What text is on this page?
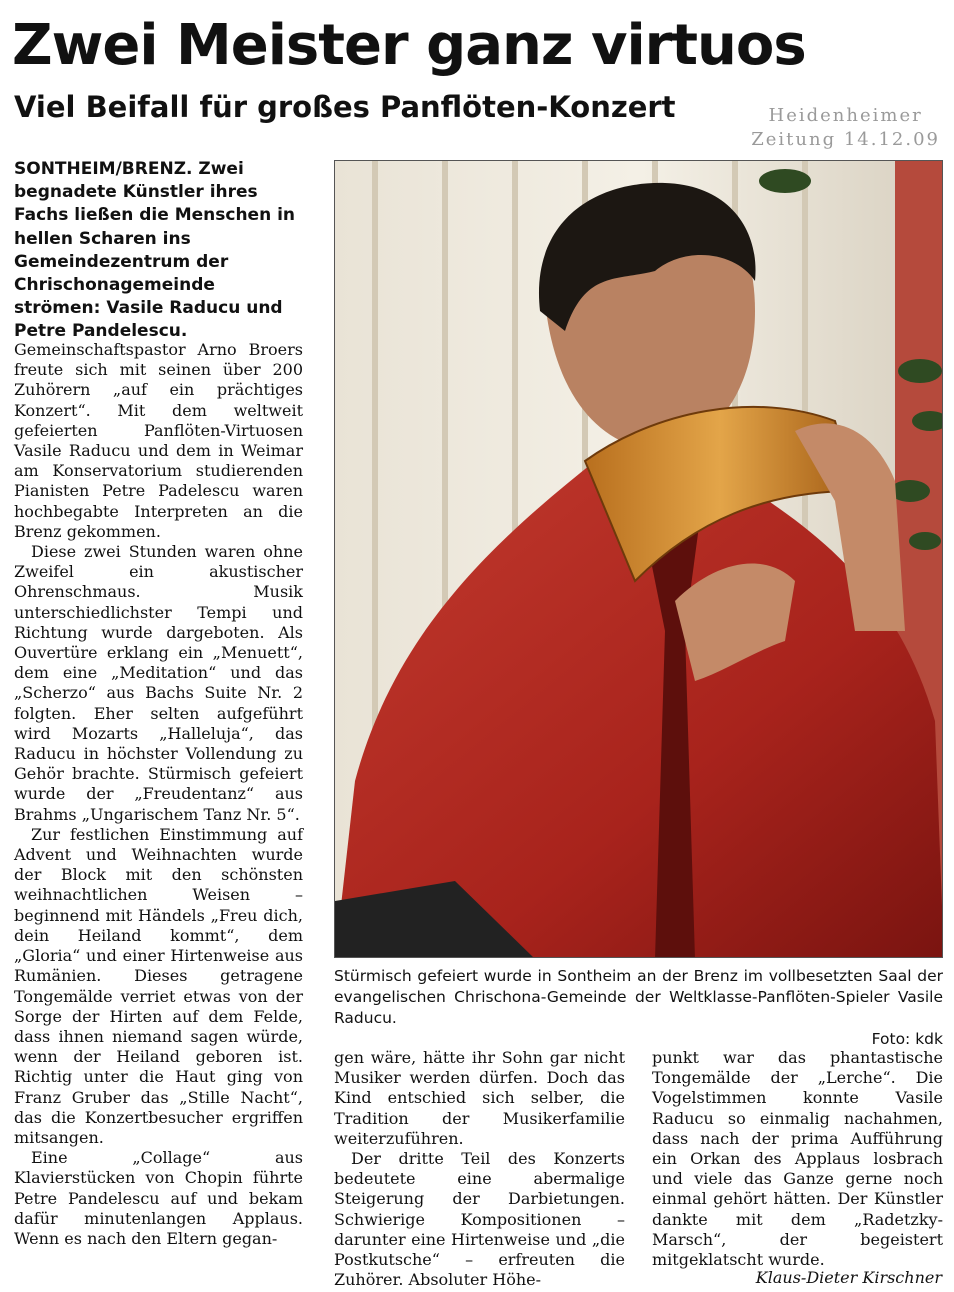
Zwei Meister ganz virtuos
Viel Beifall für großes Panflöten-Konzert	Heidenheimer
Zeitung 14.12.09

SONTHEIM/BRENZ. Zwei begnadete Künstler ihres Fachs ließen die Menschen in hellen Scharen ins Gemeindezentrum der Chrischonagemeinde strömen: Vasile Raducu und Petre Pandelescu.

Gemeinschaftspastor Arno Broers freute sich mit seinen über 200 Zuhörern „auf ein prächtiges Konzert“. Mit dem weltweit gefeierten Panflöten-Virtuosen Vasile Raducu und dem in Weimar am Konservatorium studierenden Pianisten Petre Padelescu waren hochbegabte Interpreten an die Brenz gekommen.

Diese zwei Stunden waren ohne Zweifel ein akustischer Ohrenschmaus. Musik unterschiedlichster Tempi und Richtung wurde dargeboten. Als Ouvertüre erklang ein „Menuett“, dem eine „Meditation“ und das „Scherzo“ aus Bachs Suite Nr. 2 folgten. Eher selten aufgeführt wird Mozarts „Halleluja“, das Raducu in höchster Vollendung zu Gehör brachte. Stürmisch gefeiert wurde der „Freudentanz“ aus Brahms „Ungarischem Tanz Nr. 5“.

Zur festlichen Einstimmung auf Advent und Weihnachten wurde der Block mit den schönsten weihnachtlichen Weisen – beginnend mit Händels „Freu dich, dein Heiland kommt“, dem „Gloria“ und einer Hirtenweise aus Rumänien. Dieses getragene Tongemälde verriet etwas von der Sorge der Hirten auf dem Felde, dass ihnen niemand sagen würde, wenn der Heiland geboren ist. Richtig unter die Haut ging von Franz Gruber das „Stille Nacht“, das die Konzertbesucher ergriffen mitsangen.

Eine „Collage“ aus Klavierstücken von Chopin führte Petre Pandelescu auf und bekam dafür minutenlangen Applaus. Wenn es nach den Eltern gegan-

Stürmisch gefeiert wurde in Sontheim an der Brenz im vollbesetzten Saal der evangelischen Chrischona-Gemeinde der Weltklasse-Panflöten-Spieler Vasile Raducu.

Foto: kdk

gen wäre, hätte ihr Sohn gar nicht Musiker werden dürfen. Doch das Kind entschied sich selber, die Tradition der Musikerfamilie weiterzuführen.

Der dritte Teil des Konzerts bedeutete eine abermalige Steigerung der Darbietungen. Schwierige Kompositionen – darunter eine Hirtenweise und „die Postkutsche“ – erfreuten die Zuhörer. Absoluter Höhe-

punkt war das phantastische Tongemälde der „Lerche“. Die Vogelstimmen konnte Vasile Raducu so einmalig nachahmen, dass nach der prima Aufführung ein Orkan des Applaus losbrach und viele das Ganze gerne noch einmal gehört hätten. Der Künstler dankte mit dem „Radetzky-Marsch“, der begeistert mitgeklatscht wurde.

Klaus-Dieter Kirschner
